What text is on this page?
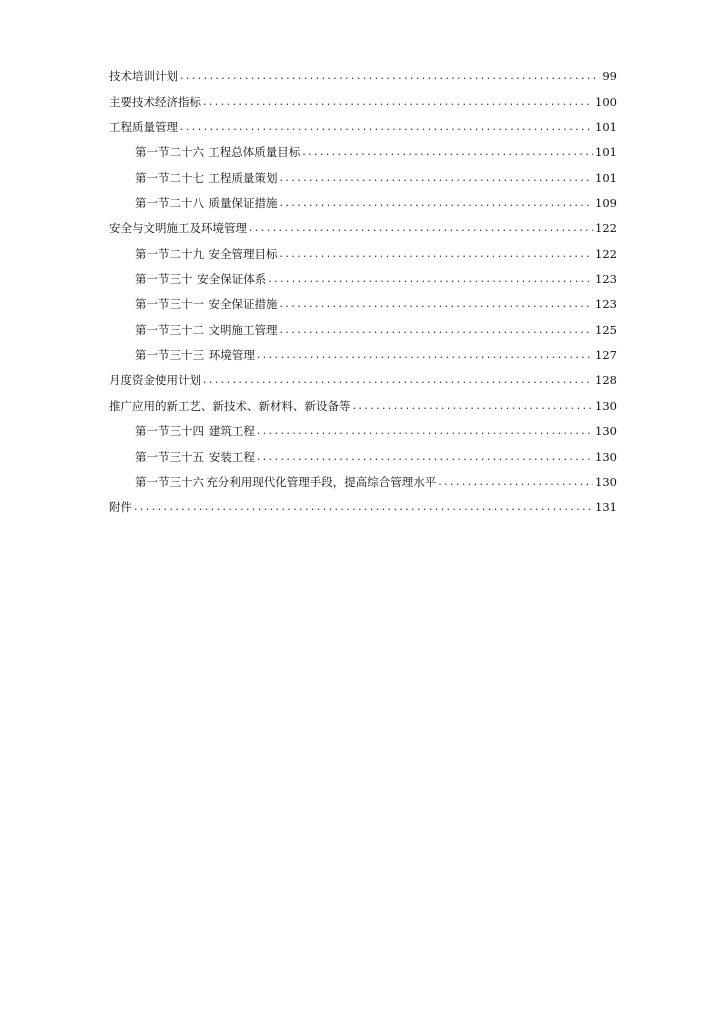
技术培训计划 .....	99
主要技术经济指标 .....	100
工程质量管理 .....	101
第一节二十六 工程总体质量目标 .....	101
第一节二十七 工程质量策划 .....	101
第一节二十八 质量保证措施 .....	109
安全与文明施工及环境管理 .....	122
第一节二十九 安全管理目标 .....	122
第一节三十 安全保证体系 .....	123
第一节三十一 安全保证措施 .....	123
第一节三十二 文明施工管理 .....	125
第一节三十三 环境管理 .....	127
月度资金使用计划 .....	128
推广应用的新工艺、新技术、新材料、新设备等 .....	130
第一节三十四 建筑工程 .....	130
第一节三十五 安装工程 .....	130
第一节三十六 充分利用现代化管理手段，提高综合管理水平 .....	130
附件 .....	131
